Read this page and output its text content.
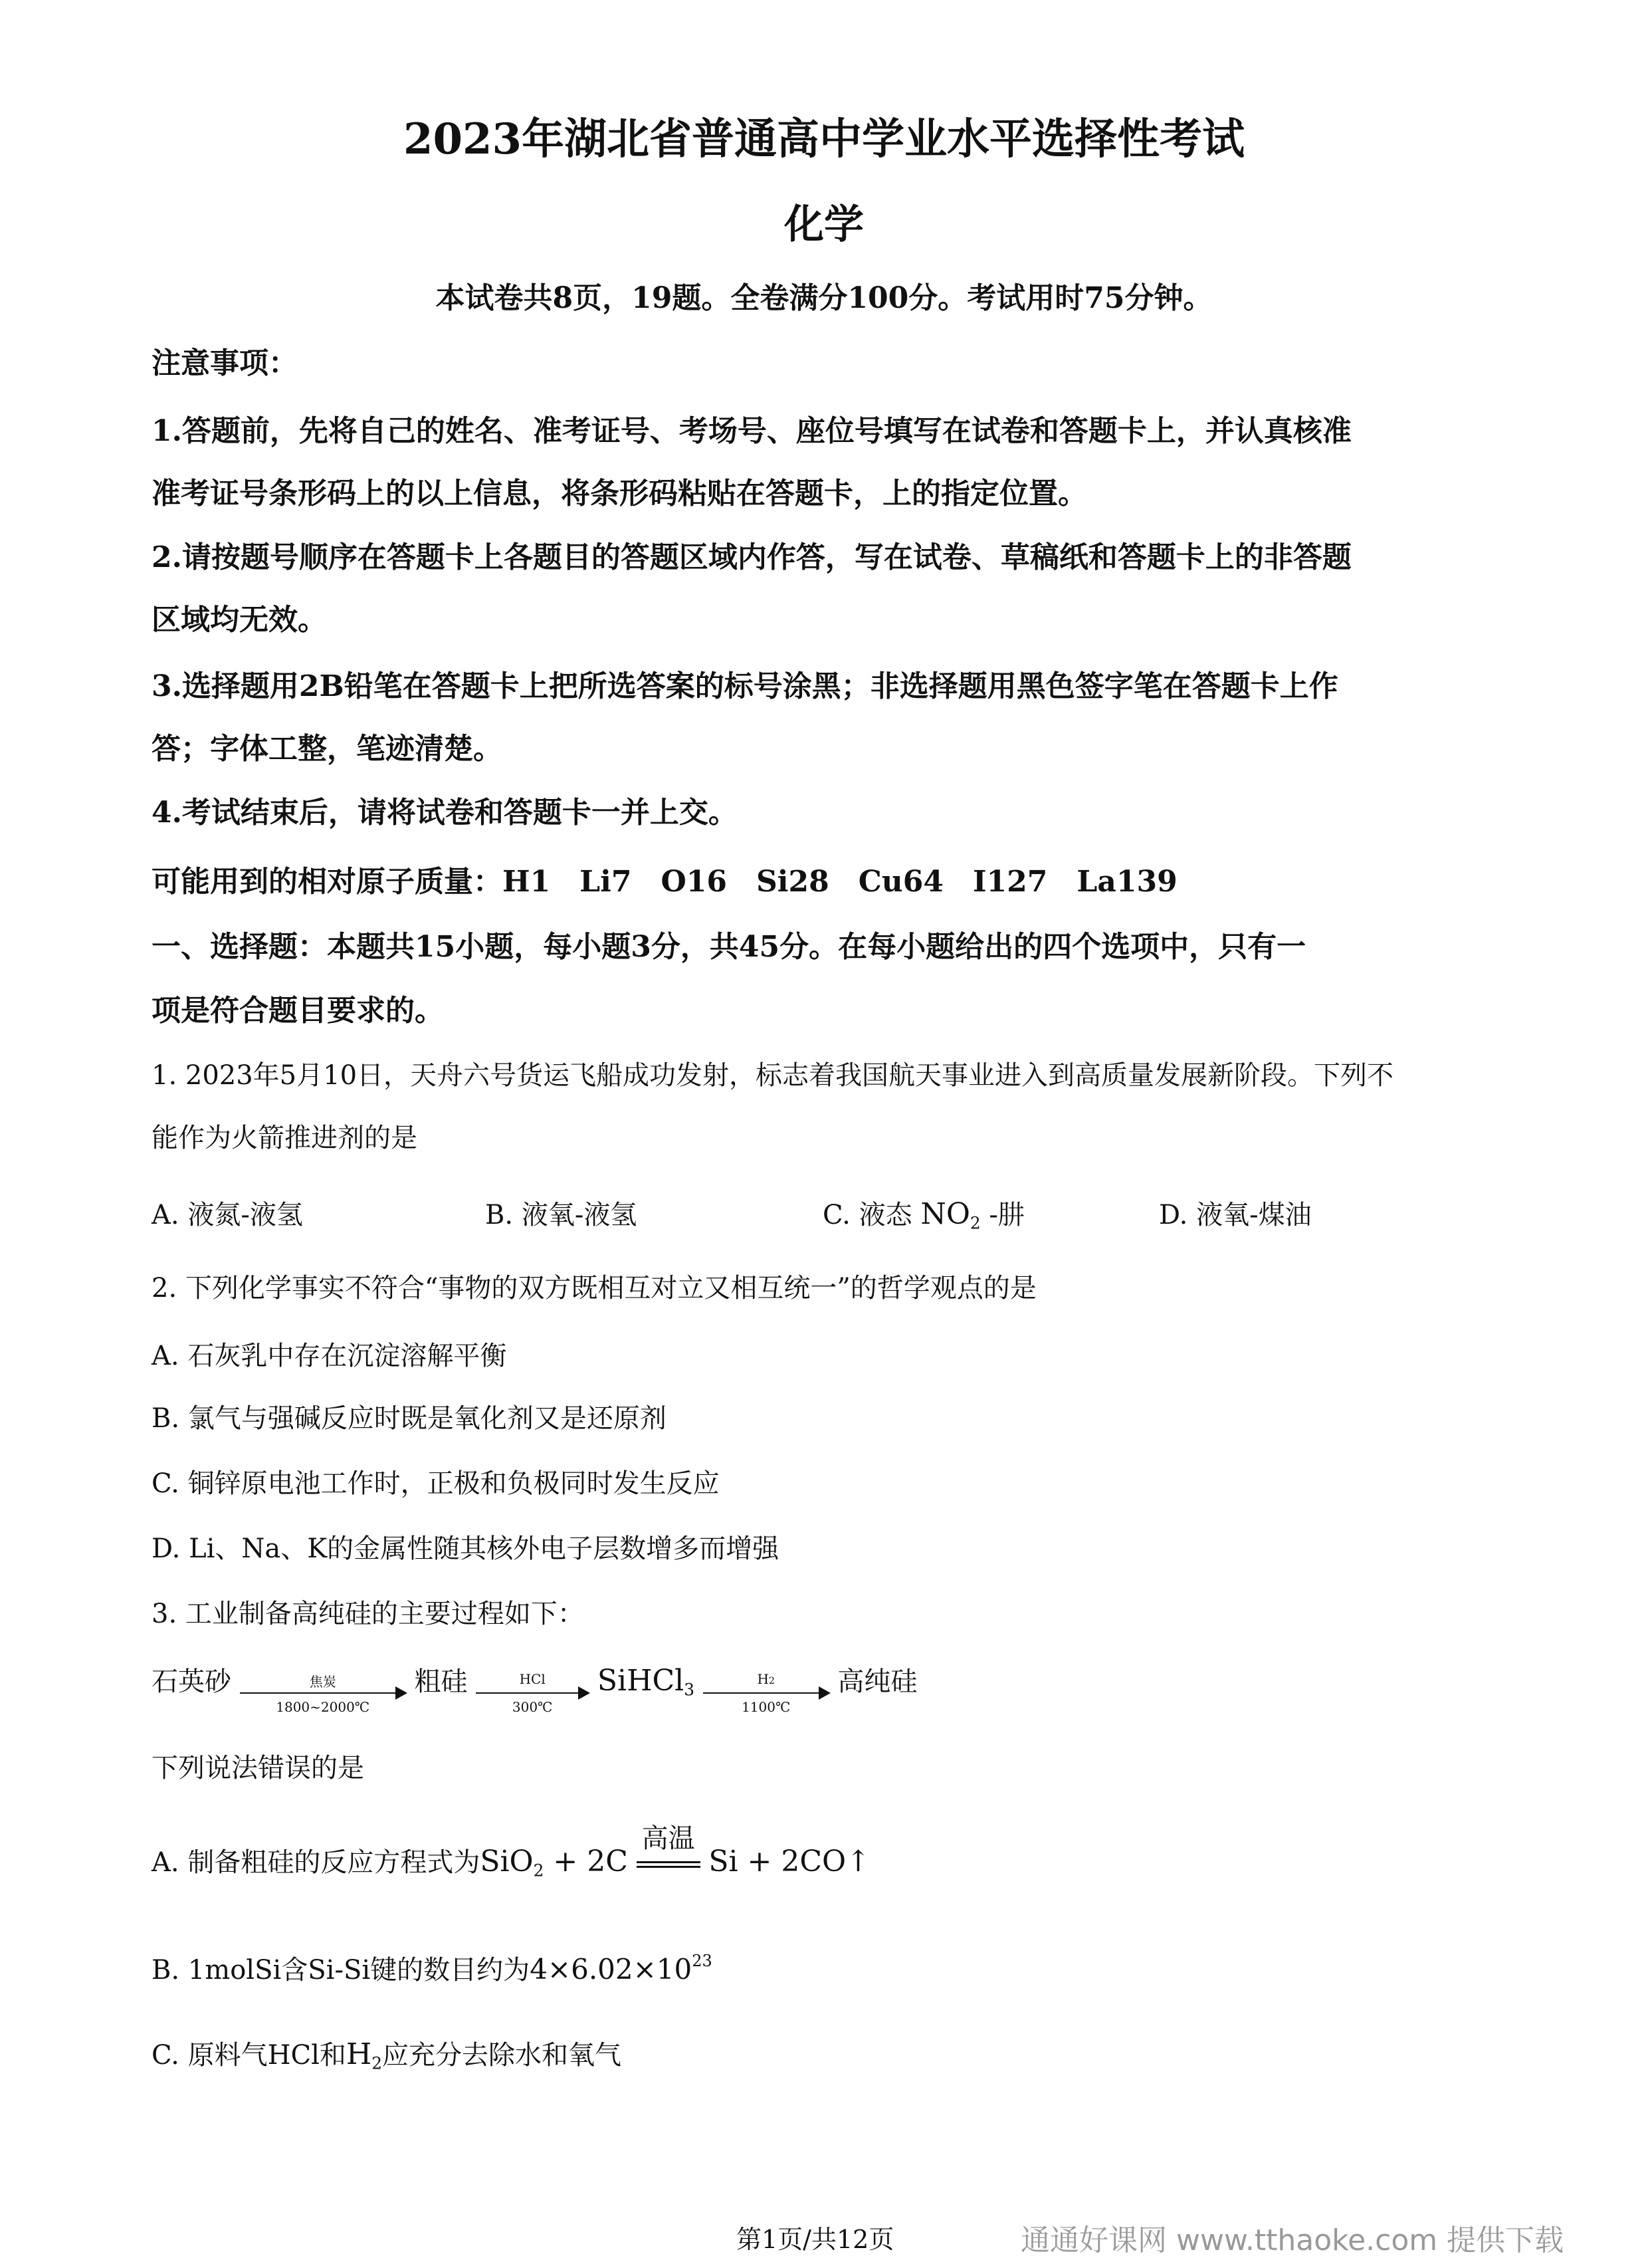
2023年湖北省普通高中学业水平选择性考试
化学
本试卷共8页，19题。全卷满分100分。考试用时75分钟。
注意事项：
1.答题前，先将自己的姓名、准考证号、考场号、座位号填写在试卷和答题卡上，并认真核准
准考证号条形码上的以上信息，将条形码粘贴在答题卡，上的指定位置。
2.请按题号顺序在答题卡上各题目的答题区域内作答，写在试卷、草稿纸和答题卡上的非答题
区域均无效。
3.选择题用2B铅笔在答题卡上把所选答案的标号涂黑；非选择题用黑色签字笔在答题卡上作
答；字体工整，笔迹清楚。
4.考试结束后，请将试卷和答题卡一并上交。
可能用到的相对原子质量：H1　Li7　O16　Si28　Cu64　I127　La139
一、选择题：本题共15小题，每小题3分，共45分。在每小题给出的四个选项中，只有一
项是符合题目要求的。
1. 2023年5月10日，天舟六号货运飞船成功发射，标志着我国航天事业进入到高质量发展新阶段。下列不
能作为火箭推进剂的是
A. 液氮-液氢	B. 液氧-液氢	C. 液态 $NO_2$ -肼	D. 液氧-煤油
2. 下列化学事实不符合“事物的双方既相互对立又相互统一”的哲学观点的是
A. 石灰乳中存在沉淀溶解平衡
B. 氯气与强碱反应时既是氧化剂又是还原剂
C. 铜锌原电池工作时，正极和负极同时发生反应
D. Li、Na、K的金属性随其核外电子层数增多而增强
3. 工业制备高纯硅的主要过程如下：
石英砂	焦炭
1800~2000℃
粗硅	HCl
300℃
SiHCl$_3$ $\frac{H2}{1100℃}$ 高纯硅
下列说法错误的是
A. 制备粗硅的反应方程式为SiO$_2$ + 2C
高温
Si + 2CO↑
B. 1molSi含Si-Si键的数目约为$4\times 6.02\times 10^{23}$
C. 原料气HCl和$H_2$应充分去除水和氧气
第1页/共12页	通通好课网 www.tthaoke.com 提供下载
